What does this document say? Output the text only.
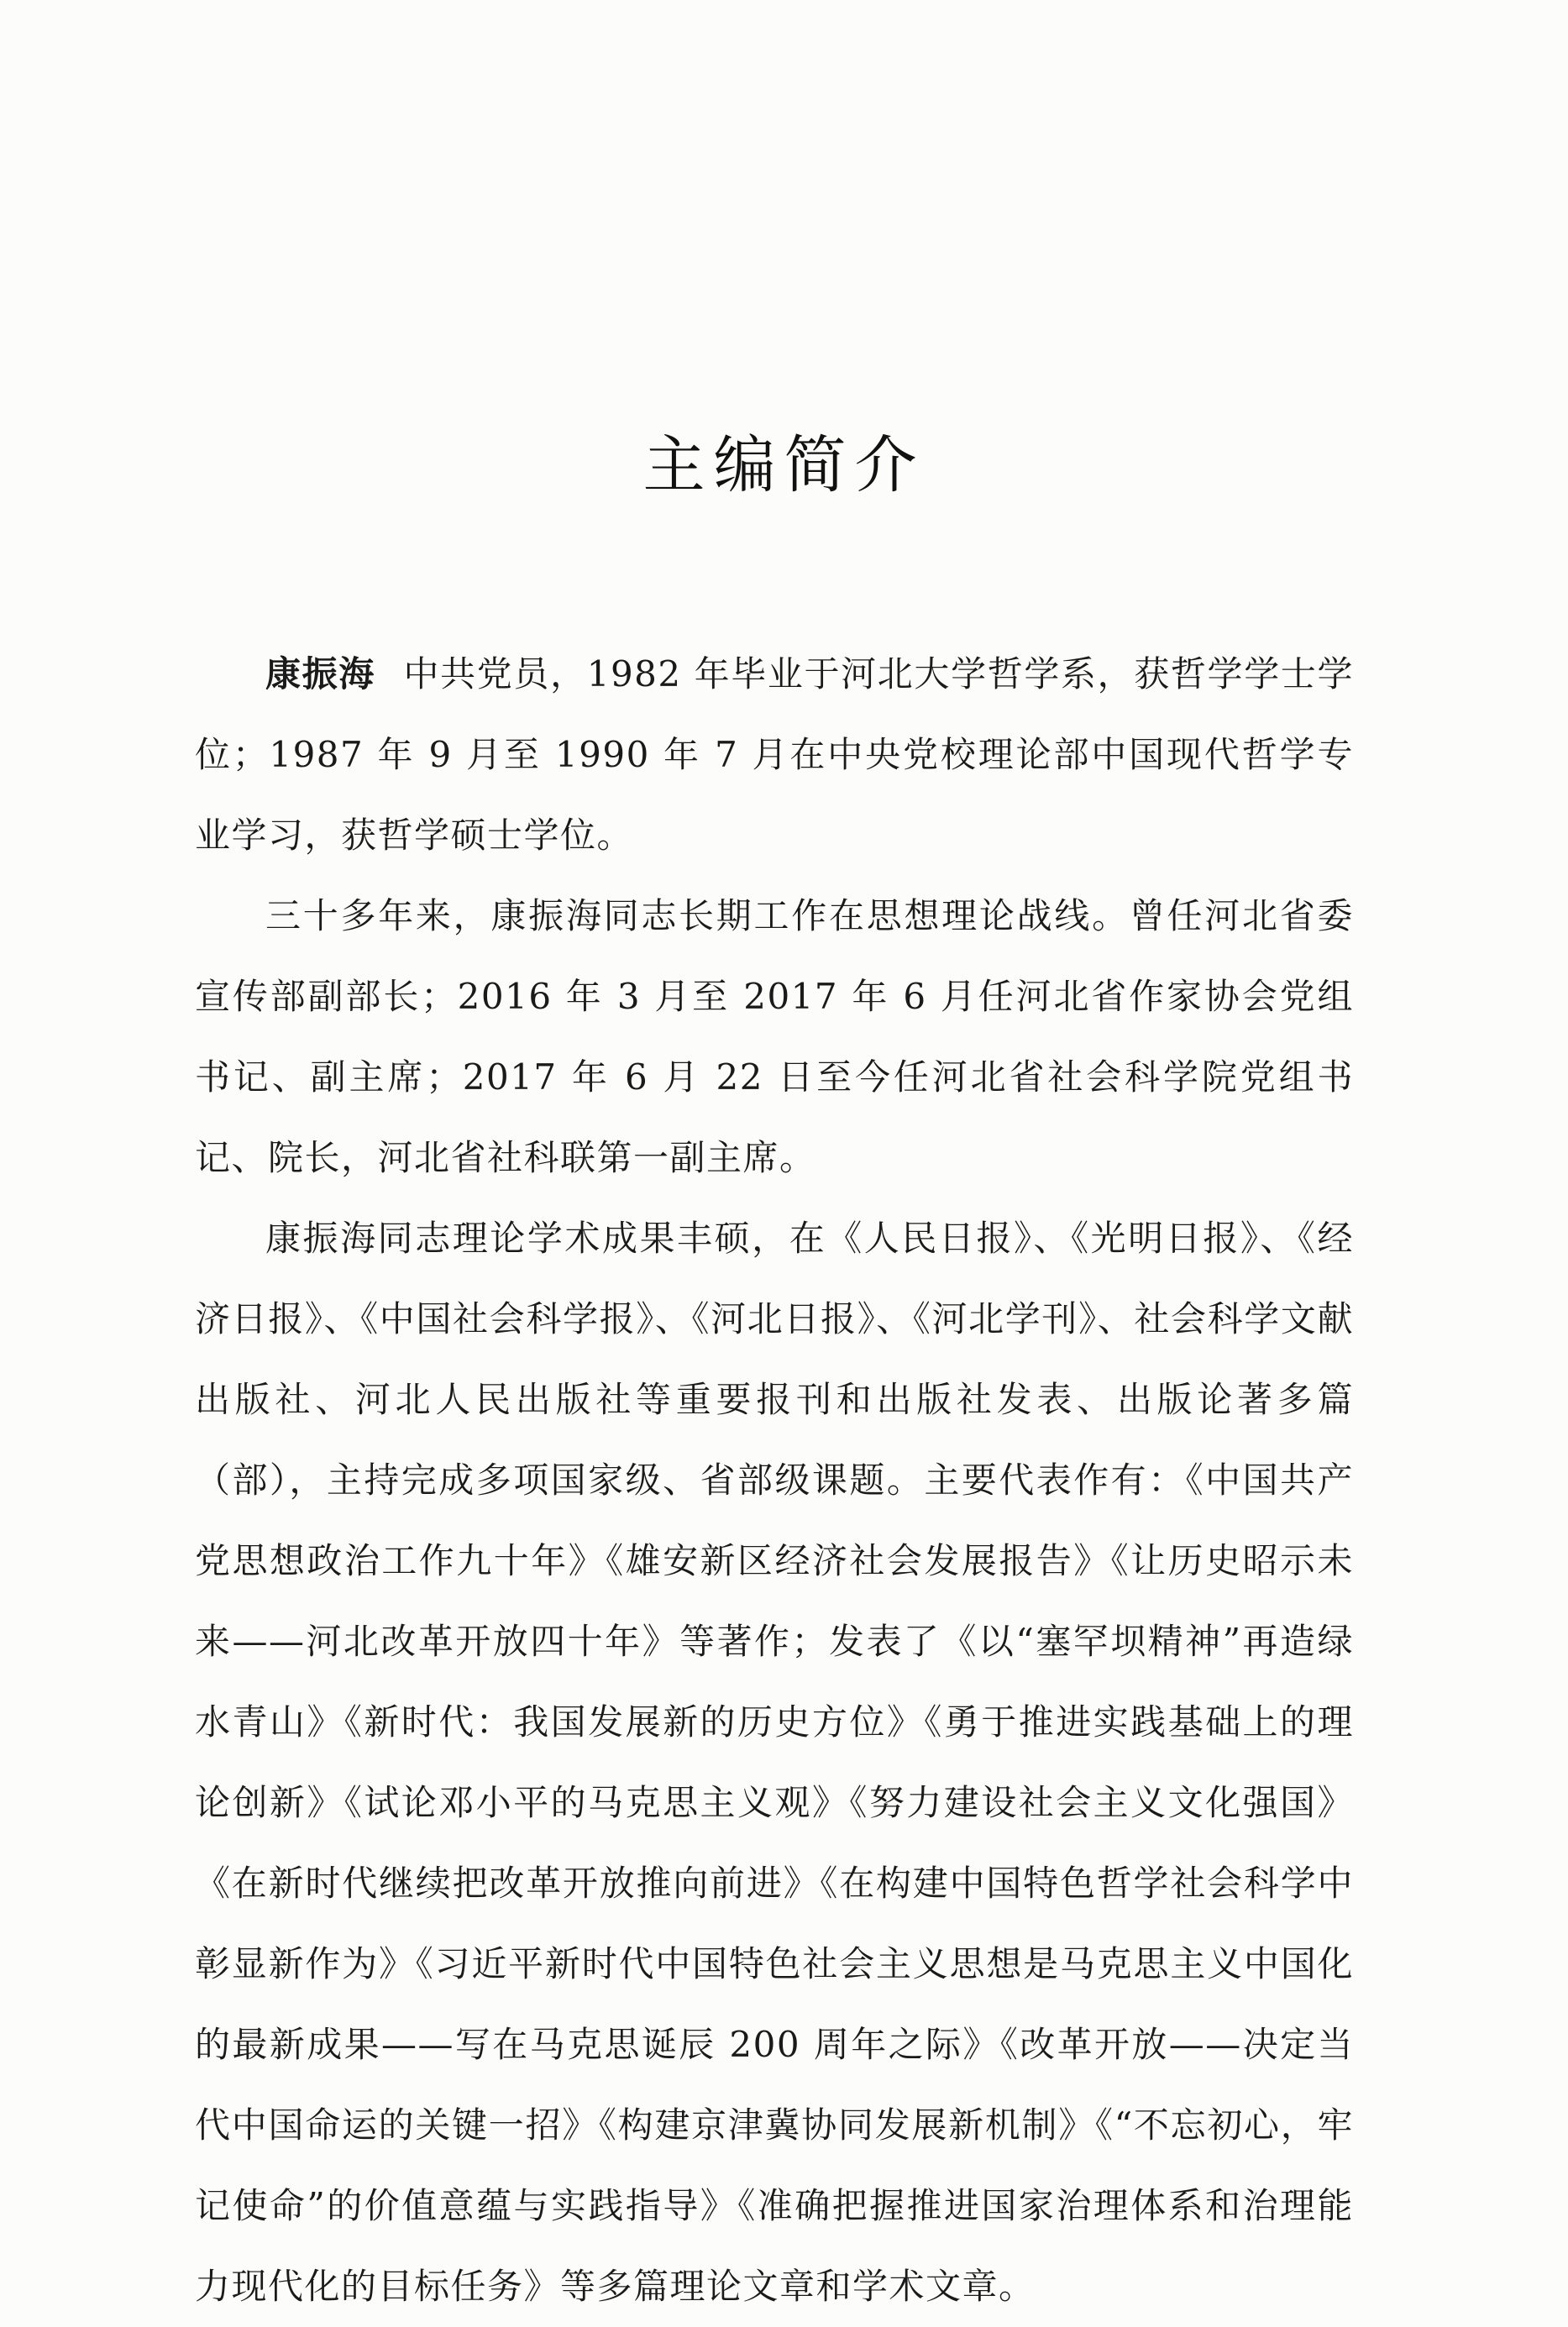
主编简介

康振海 中共党员，1982 年毕业于河北大学哲学系，获哲学学士学位；1987 年 9 月至 1990 年 7 月在中央党校理论部中国现代哲学专业学习，获哲学硕士学位。

三十多年来，康振海同志长期工作在思想理论战线。曾任河北省委宣传部副部长；2016 年 3 月至 2017 年 6 月任河北省作家协会党组书记、副主席；2017 年 6 月 22 日至今任河北省社会科学院党组书记、院长，河北省社科联第一副主席。

康振海同志理论学术成果丰硕，在《人民日报》、《光明日报》、《经济日报》、《中国社会科学报》、《河北日报》、《河北学刊》、社会科学文献出版社、河北人民出版社等重要报刊和出版社发表、出版论著多篇（部），主持完成多项国家级、省部级课题。主要代表作有：《中国共产党思想政治工作九十年》《雄安新区经济社会发展报告》《让历史昭示未来——河北改革开放四十年》等著作；发表了《以“塞罕坝精神”再造绿水青山》《新时代：我国发展新的历史方位》《勇于推进实践基础上的理论创新》《试论邓小平的马克思主义观》《努力建设社会主义文化强国》《在新时代继续把改革开放推向前进》《在构建中国特色哲学社会科学中彰显新作为》《习近平新时代中国特色社会主义思想是马克思主义中国化的最新成果——写在马克思诞辰 200 周年之际》《改革开放——决定当代中国命运的关键一招》《构建京津冀协同发展新机制》《“不忘初心，牢记使命”的价值意蕴与实践指导》《准确把握推进国家治理体系和治理能力现代化的目标任务》等多篇理论文章和学术文章。
